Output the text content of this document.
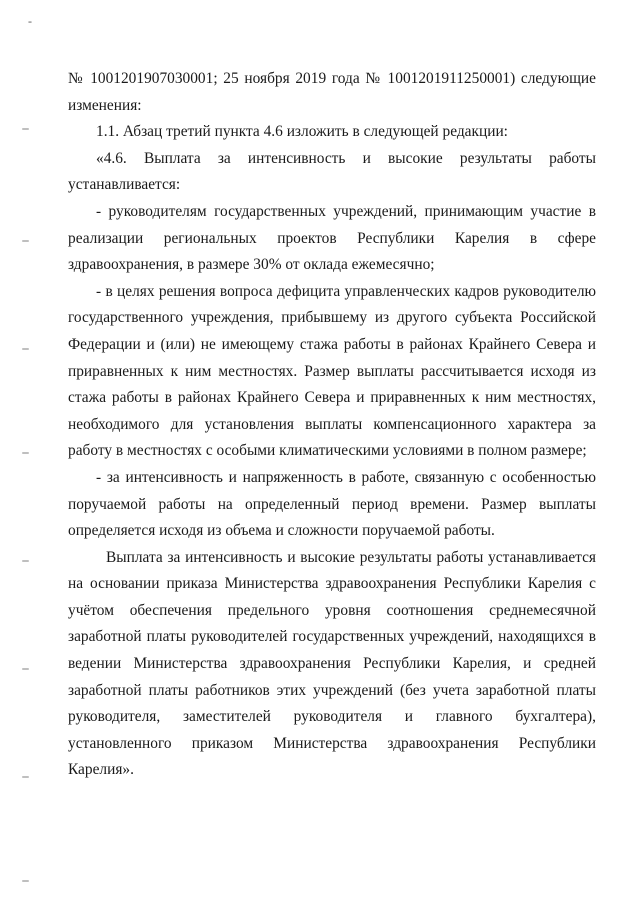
-

№ 1001201907030001; 25 ноября 2019 года № 1001201911250001) следующие изменения:

1.1. Абзац третий пункта 4.6 изложить в следующей редакции:

«4.6. Выплата за интенсивность и высокие результаты работы устанавливается:

- руководителям государственных учреждений, принимающим участие в реализации региональных проектов Республики Карелия в сфере здравоохранения, в размере 30% от оклада ежемесячно;

- в целях решения вопроса дефицита управленческих кадров руководителю государственного учреждения, прибывшему из другого субъекта Российской Федерации и (или) не имеющему стажа работы в районах Крайнего Севера и приравненных к ним местностях. Размер выплаты рассчитывается исходя из стажа работы в районах Крайнего Севера и приравненных к ним местностях, необходимого для установления выплаты компенсационного характера за работу в местностях с особыми климатическими условиями в полном размере;

- за интенсивность и напряженность в работе, связанную с особенностью поручаемой работы на определенный период времени. Размер выплаты определяется исходя из объема и сложности поручаемой работы.

Выплата за интенсивность и высокие результаты работы устанавливается на основании приказа Министерства здравоохранения Республики Карелия с учётом обеспечения предельного уровня соотношения среднемесячной заработной платы руководителей государственных учреждений, находящихся в ведении Министерства здравоохранения Республики Карелия, и средней заработной платы работников этих учреждений (без учета заработной платы руководителя, заместителей руководителя и главного бухгалтера), установленного приказом Министерства здравоохранения Республики Карелия».
